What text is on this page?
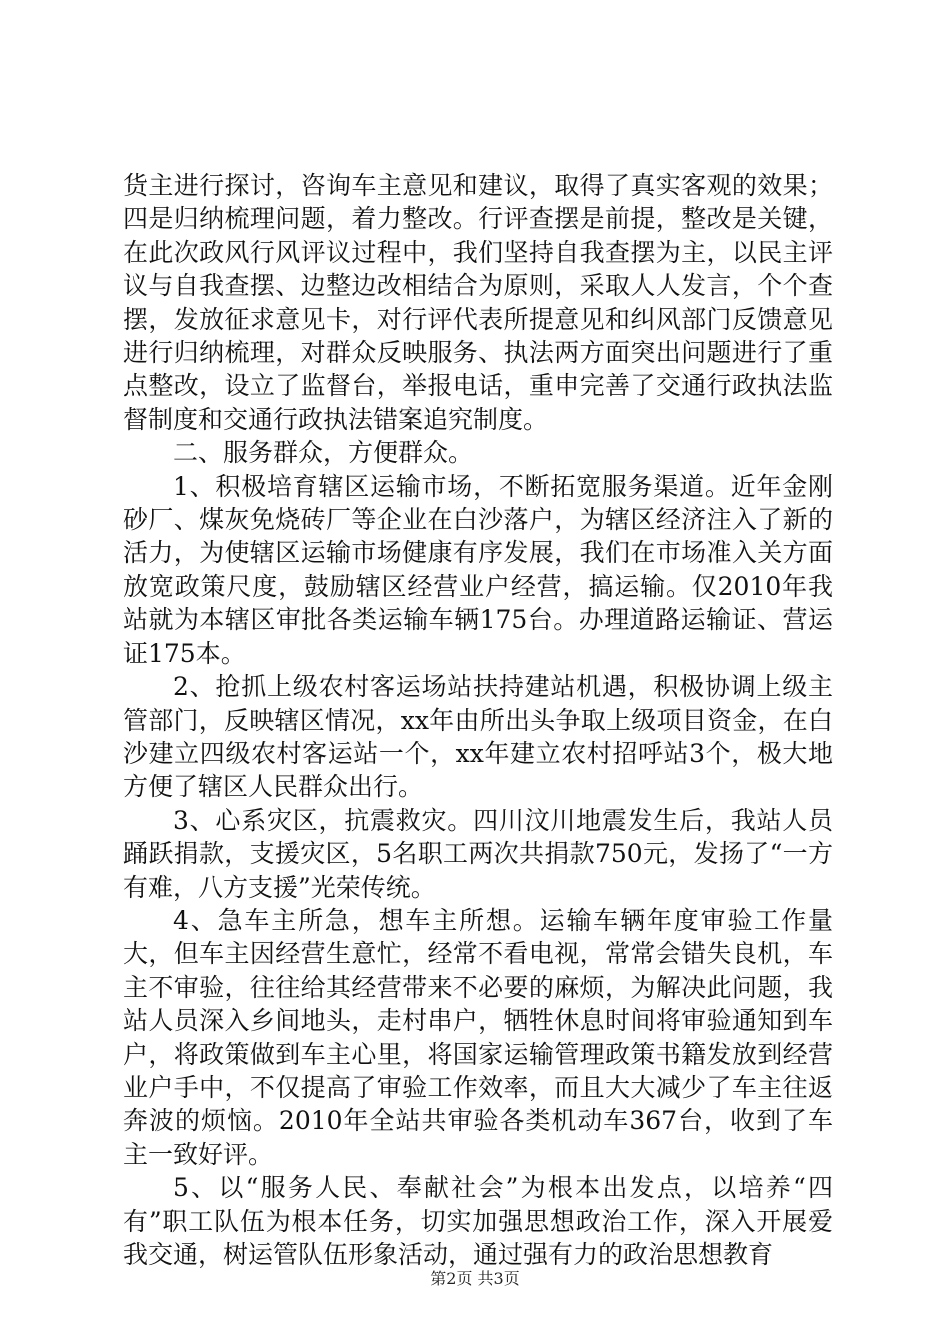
货主进行探讨，咨询车主意见和建议，取得了真实客观的效果；四是归纳梳理问题，着力整改。行评查摆是前提，整改是关键，在此次政风行风评议过程中，我们坚持自我查摆为主，以民主评议与自我查摆、边整边改相结合为原则，采取人人发言，个个查摆，发放征求意见卡，对行评代表所提意见和纠风部门反馈意见进行归纳梳理，对群众反映服务、执法两方面突出问题进行了重点整改，设立了监督台，举报电话，重申完善了交通行政执法监督制度和交通行政执法错案追究制度。

二、服务群众，方便群众。

1、积极培育辖区运输市场，不断拓宽服务渠道。近年金刚砂厂、煤灰免烧砖厂等企业在白沙落户，为辖区经济注入了新的活力，为使辖区运输市场健康有序发展，我们在市场准入关方面放宽政策尺度，鼓励辖区经营业户经营，搞运输。仅2010年我站就为本辖区审批各类运输车辆175台。办理道路运输证、营运证175本。

2、抢抓上级农村客运场站扶持建站机遇，积极协调上级主管部门，反映辖区情况，xx年由所出头争取上级项目资金，在白沙建立四级农村客运站一个，xx年建立农村招呼站3个，极大地方便了辖区人民群众出行。

3、心系灾区，抗震救灾。四川汶川地震发生后，我站人员踊跃捐款，支援灾区，5名职工两次共捐款750元，发扬了“一方有难，八方支援”光荣传统。

4、急车主所急，想车主所想。运输车辆年度审验工作量大，但车主因经营生意忙，经常不看电视，常常会错失良机，车主不审验，往往给其经营带来不必要的麻烦，为解决此问题，我站人员深入乡间地头，走村串户，牺牲休息时间将审验通知到车户，将政策做到车主心里，将国家运输管理政策书籍发放到经营业户手中，不仅提高了审验工作效率，而且大大减少了车主往返奔波的烦恼。2010年全站共审验各类机动车367台，收到了车主一致好评。

5、以“服务人民、奉献社会”为根本出发点，以培养“四有”职工队伍为根本任务，切实加强思想政治工作，深入开展爱我交通，树运管队伍形象活动，通过强有力的政治思想教育

第2页 共3页
